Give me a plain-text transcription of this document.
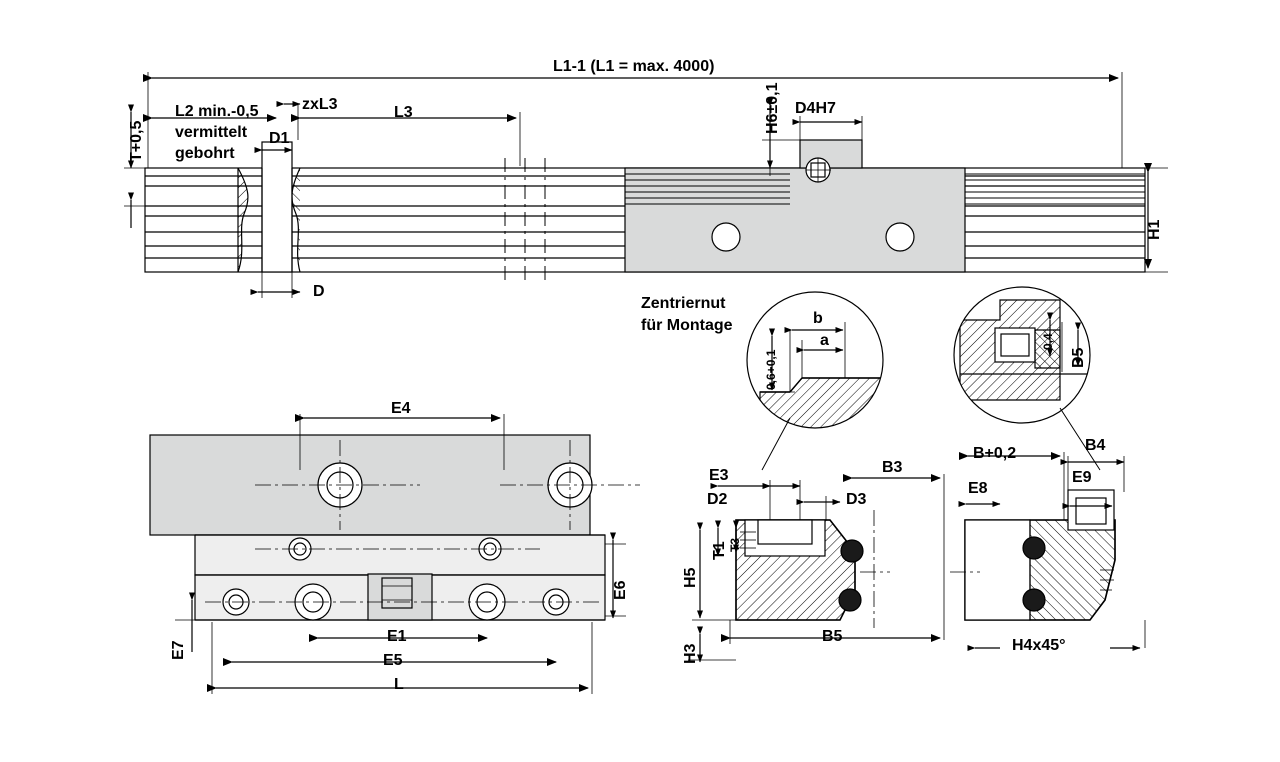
L1-1 (L1 = max. 4000)
L2 min.-0,5
vermittelt
gebohrt
zxL3	L3
D1
D
T+0,5
H1
H6±0,1 D4H7
Zentriernut
für Montage
0,6+0,1
b
a	0,4
D5
E4
E6
E7
E1
E5
L
E3
D2	D3
B3
B5
H5
H3
T1 T3
B+0,2	B4
E8
E9
H4x45°
